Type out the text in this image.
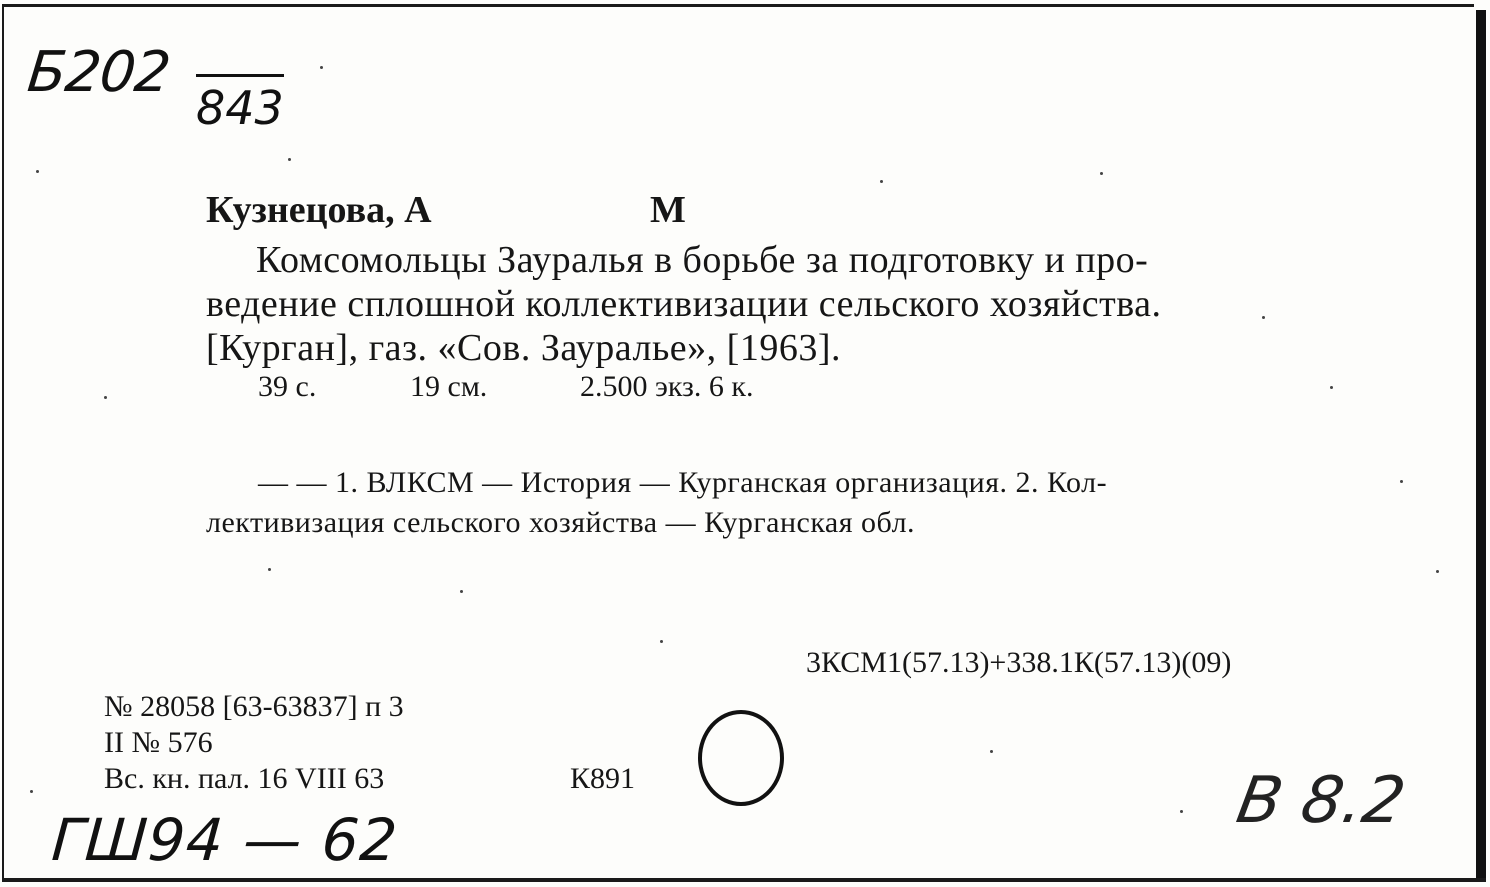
Б202
843
Кузнецова, А	М
Комсомольцы Зауралья в борьбе за подготовку и про-
ведение сплошной коллективизации сельского хозяйства.
[Курган], газ. «Сов. Зауралье», [1963].
39 с.	19 см.	2.500 экз. 6 к.
— — 1. ВЛКСМ — История — Курганская организация. 2. Кол-
лективизация сельского хозяйства — Курганская обл.
3КСМ1(57.13)+338.1К(57.13)(09)
№ 28058 [63-63837] п 3
II № 576
Вс. кн. пал. 16 VIII 63	К891
ГШ94 — 62
В 8.2
